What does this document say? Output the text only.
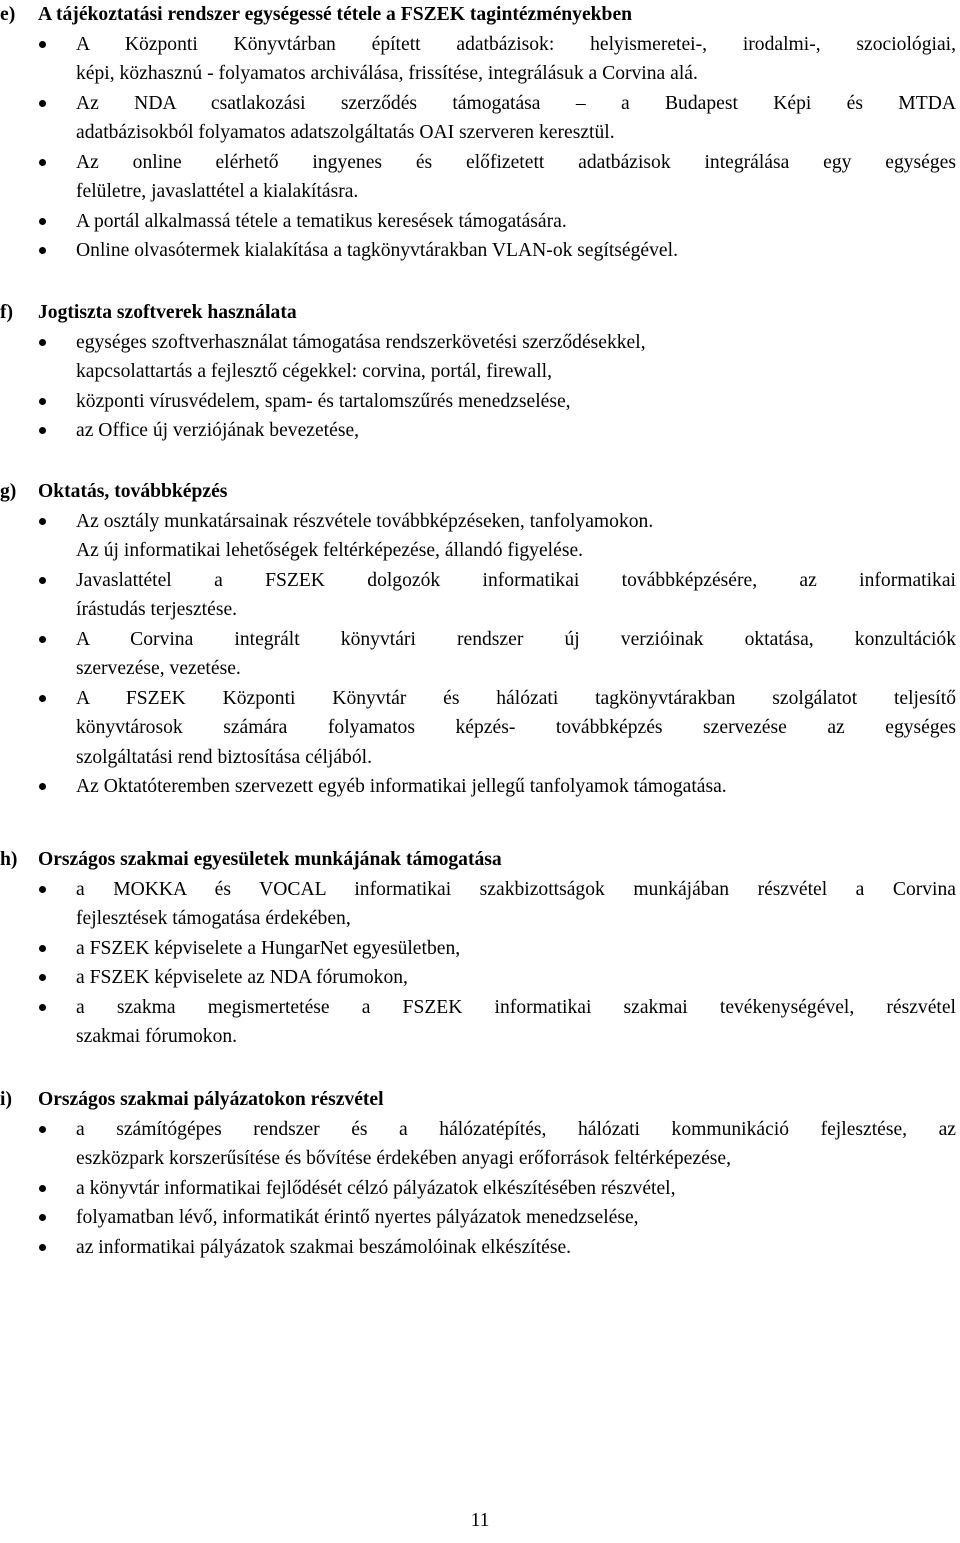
e) A tájékoztatási rendszer egységessé tétele a FSZEK tagintézményekben
A Központi Könyvtárban épített adatbázisok: helyismeretei-, irodalmi-, szociológiai,
képi, közhasznú - folyamatos archiválása, frissítése, integrálásuk a Corvina alá.
Az NDA csatlakozási szerződés támogatása – a Budapest Képi és MTDA
adatbázisokból folyamatos adatszolgáltatás OAI szerveren keresztül.
Az online elérhető ingyenes és előfizetett adatbázisok integrálása egy egységes
felületre, javaslattétel a kialakításra.
A portál alkalmassá tétele a tematikus keresések támogatására.
Online olvasótermek kialakítása a tagkönyvtárakban VLAN-ok segítségével.
f) Jogtiszta szoftverek használata
egységes szoftverhasználat támogatása rendszerkövetési szerződésekkel,
kapcsolattartás a fejlesztő cégekkel: corvina, portál, firewall,
központi vírusvédelem, spam- és tartalomszűrés menedzselése,
az Office új verziójának bevezetése,
g) Oktatás, továbbképzés
Az osztály munkatársainak részvétele továbbképzéseken, tanfolyamokon.
Az új informatikai lehetőségek feltérképezése, állandó figyelése.
Javaslattétel a FSZEK dolgozók informatikai továbbképzésére, az informatikai
írástudás terjesztése.
A Corvina integrált könyvtári rendszer új verzióinak oktatása, konzultációk
szervezése, vezetése.
A FSZEK Központi Könyvtár és hálózati tagkönyvtárakban szolgálatot teljesítő
könyvtárosok számára folyamatos képzés- továbbképzés szervezése az egységes
szolgáltatási rend biztosítása céljából.
Az Oktatóteremben szervezett egyéb informatikai jellegű tanfolyamok támogatása.
h) Országos szakmai egyesületek munkájának támogatása
a MOKKA és VOCAL informatikai szakbizottságok munkájában részvétel a Corvina
fejlesztések támogatása érdekében,
a FSZEK képviselete a HungarNet egyesületben,
a FSZEK képviselete az NDA fórumokon,
a szakma megismertetése a FSZEK informatikai szakmai tevékenységével, részvétel
szakmai fórumokon.
i) Országos szakmai pályázatokon részvétel
a számítógépes rendszer és a hálózatépítés, hálózati kommunikáció fejlesztése, az
eszközpark korszerűsítése és bővítése érdekében anyagi erőforrások feltérképezése,
a könyvtár informatikai fejlődését célzó pályázatok elkészítésében részvétel,
folyamatban lévő, informatikát érintő nyertes pályázatok menedzselése,
az informatikai pályázatok szakmai beszámolóinak elkészítése.
11
